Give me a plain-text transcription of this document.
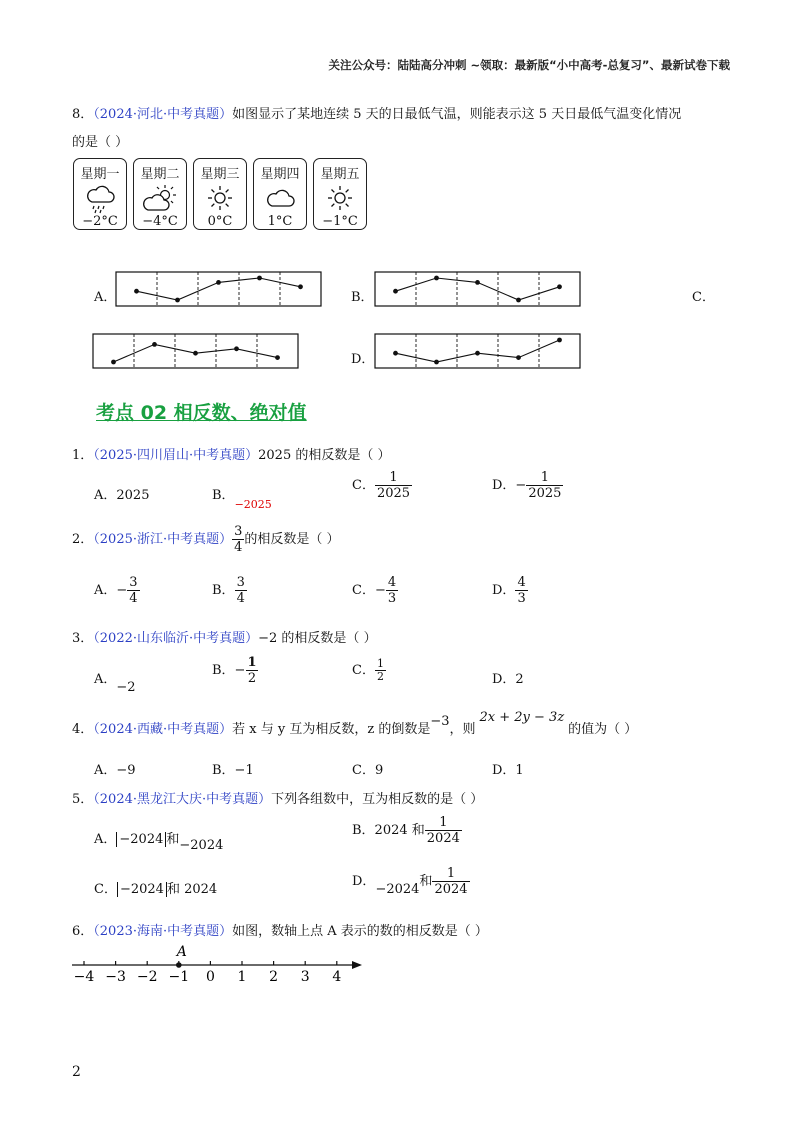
关注公众号：陆陆高分冲刺 ~领取：最新版“小中高考-总复习”、最新试卷下载
8．（2024·河北·中考真题）如图显示了某地连续 5 天的日最低气温，则能表示这 5 天日最低气温变化情况
的是（ ）
星期一
−2°C
星期二
−4°C
星期三
0°C
星期四
1°C
星期五
−1°C
A．	B．	C．
D．
考点 02 相反数、绝对值
1．（2025·四川眉山·中考真题）2025 的相反数是（ ）
A．2025	B．$_{-2025}$
C． $\frac{1}{2025}$	D．− $\frac{1}{2025}$
2．（2025·浙江·中考真题） $\frac{3}{4}$ 的相反数是（ ）
A．− $\frac{3}{4}$	B． $\frac{3}{4}$	C．− $\frac{4}{3}$	D． $\frac{4}{3}$
3．（2022·山东临沂·中考真题）−2 的相反数是（ ）
A．−2
B．− $\frac{1}{2}$	C． $\frac{1}{2}$	D．2
4．（2024·西藏·中考真题）若 x 与 y 互为相反数，z 的倒数是−3，则2x + 2y − 3z的值为（ ）
A．−9	B．−1	C．9	D．1
5．（2024·黑龙江大庆·中考真题）下列各组数中，互为相反数的是（ ）
A． −2024 和−2024
B．2024 和 $\frac{1}{2024}$
C． −2024 和 2024
D．−2024和 $\frac{1}{2024}$
6．（2023·海南·中考真题）如图，数轴上点 A 表示的数的相反数是（ ）
−4 −3 −2 −1 0 1 2 3 4
A
2
